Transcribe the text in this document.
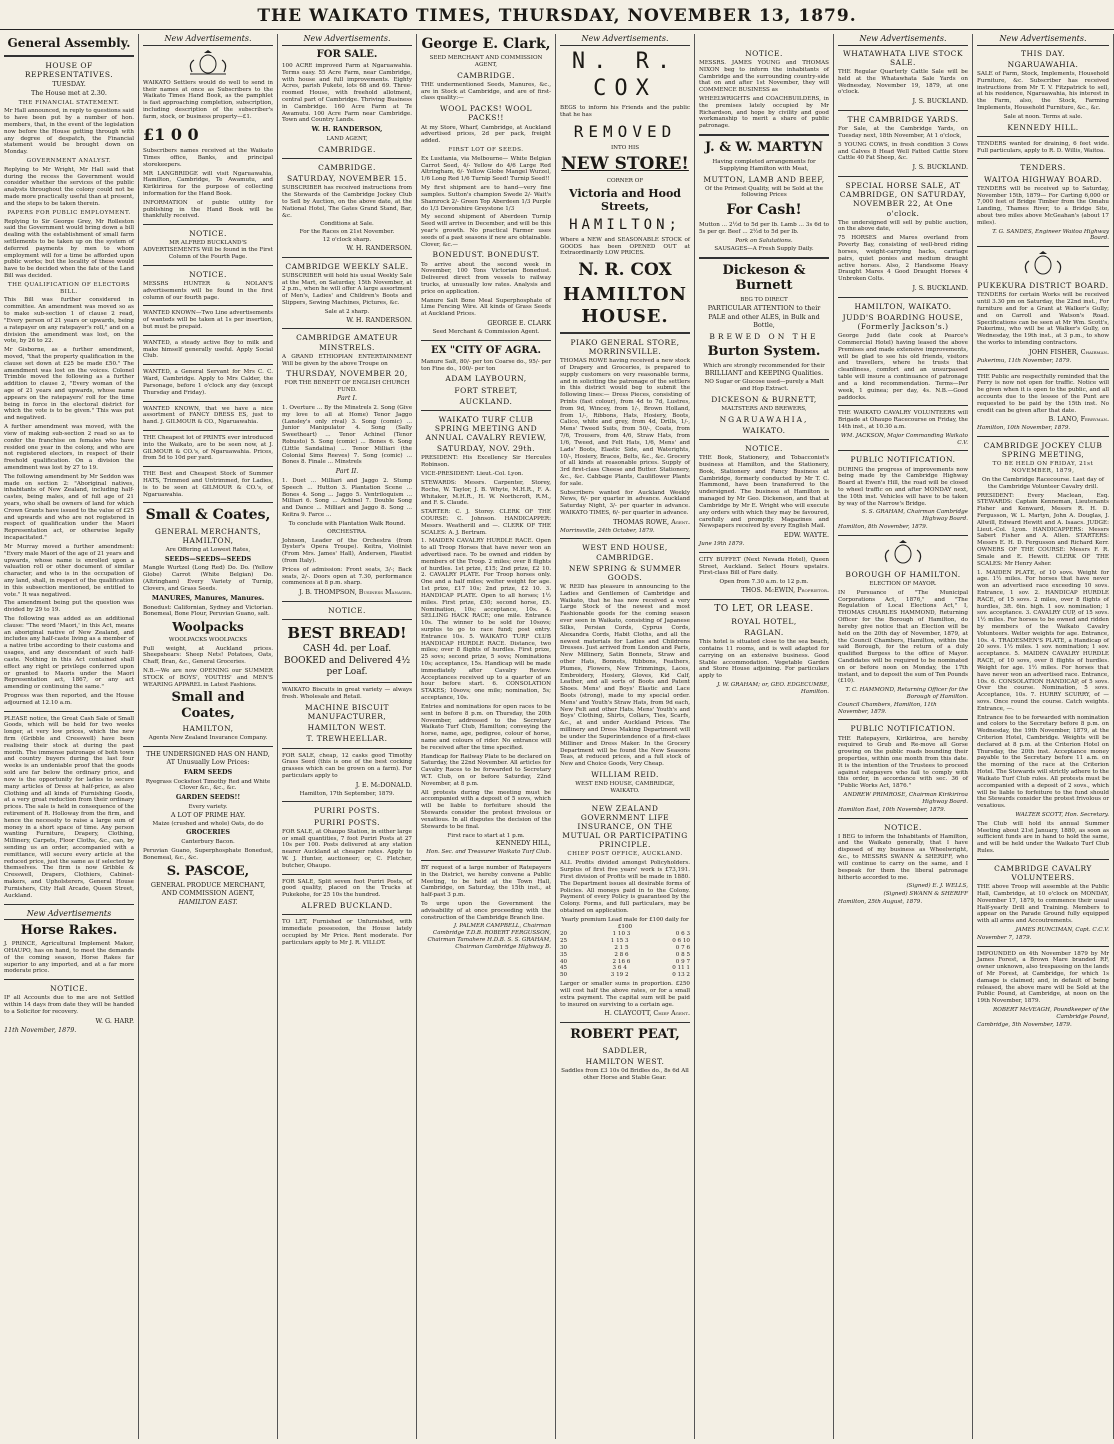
THE WAIKATO TIMES, THURSDAY, NOVEMBER 13, 1879.
General Assembly.
HOUSE OF REPRESENTATIVES.
TUESDAY.
The House met at 2.30.
THE FINANCIAL STATEMENT.
Mr Hall announced, in reply to questions said to have been put by a number of hon. members, that, in the event of the legislation now before the House getting through with any degree of despatch, the Financial statement would be brought down on Monday.
GOVERNMENT ANALYST.
Replying to Mr Wright, Mr Hall said that during the recess the Government would consider whether the services of the public analysts throughout the colony could not be made more practically useful than at present, and the steps to be taken therein.
PAPERS FOR PUBLIC EMPLOYMENT.
Replying to Sir George Grey, Mr Rolleston said the Government would bring down a bill dealing with the establishment of small farm settlements to be taken up on the system of deferred payments by men to whom employment will for a time be afforded upon public works; but the locality of these would have to be decided when the fate of the Land Bill was decided.
THE QUALIFICATION OF ELECTORS BILL.
This Bill was further considered in committee. An amendment was moved so as to make sub-section 1 of clause 2 read, "Every person of 21 years or upwards, being a ratepayer on any ratepayer's roll," and on a division the amendment was lost, on the vote, by 26 to 22.
Mr Gisborne, as a further amendment, moved, "that the property qualification in the clause set down at £25 be made £50." The amendment was lost on the voices. Colonel Trimble moved the following as a further addition to clause 2, "Every woman of the age of 21 years and upwards, whose name appears on the ratepayers' roll for the time being in force in the electoral district for which the vote is to be given." This was put and negatived.
A further amendment was moved, with the view of making sub-section 2 read so as to confer the franchise on females who have resided one year in the colony, and who are not registered electors, in respect of their freehold qualification. On a division the amendment was lost by 27 to 19.
The following amendment by Mr Seddon was made on section 2: "Aboriginal natives, inhabitants of New Zealand, including half-castes, being males, and of full age of 21 years, who shall be owners of land for which Crown Grants have issued to the value of £25 and upwards and who are not registered in respect of qualification under the Maori Representation act, or otherwise legally incapacitated."
Mr Murray moved a further amendment: "Every male Maori of the age of 21 years and upwards, whose name is enrolled upon a valuation roll or other document of similar character, and who is in the occupation of any land, shall, in respect of the qualification in this subsection mentioned, be entitled to vote." It was negatived.
The amendment being put the question was divided by 29 to 19.
The following was added as an additional clause: "The word 'Maori,' in this Act, means an aboriginal native of New Zealand, and includes any half-caste living as a member of a native tribe according to their customs and usages, and any descendant of such half-caste. Nothing in this Act contained shall effect any right or privilege conferred upon or granted to Maoris under the Maori Representation act, 1867, or any act amending or continuing the same."
Progress was then reported, and the House adjourned at 12.10 a.m.
PLEASE notice, the Great Cash Sale of Small Goods, which will be held for two weeks longer, at very low prices, which the new firm (Gribble and Cresswell) have been realising their stock at during the past month. The immense patronage of both town and country buyers during the last four weeks is an undeniable proof that the goods sold are far below the ordinary price, and now is the opportunity for ladies to secure many articles of Dress at half-price, as also Clothing and all kinds of Furnishing Goods, at a very great reduction from their ordinary prices. The sale is held in consequence of the retirement of R. Holloway from the firm, and hence the necessity to raise a large sum of money in a short space of time. Any person wanting Furniture, Drapery, Clothing, Millinery, Carpets, Floor Cloths, &c., can, by sending us an order, accompanied with a remittance, will secure every article at the reduced price, just the same as if selected by themselves. The firm is now Gribble & Cresswell, Drapers, Clothiers, Cabinet-makers, and Upholsterers, General House Furnishers, City Hall Arcade, Queen Street, Auckland.
New Advertisements
Horse Rakes.
J. PRINCE, Agricultural Implement Maker, OHAUPO, has on hand, to meet the demands of the coming season, Horse Rakes far superior to any imported, and at a far more moderate price.
NOTICE.
IF all Accounts due to me are not Settled within 14 days from date they will be handed to a Solicitor for recovery.
W. G. HARP.
11th November, 1879.
New Advertisements.
WAIKATO Settlers would do well to send in their names at once as Subscribers to the Waikato Times Hand Book, as the pamphlet is fast approaching completion, subscription, including description of the subscriber's farm, stock, or business property—£1.
£1 0 0
Subscribers names received at the Waikato Times office, Banks, and principal storekeepers.
MR LANGBRIDGE will visit Ngaruawahia, Hamilton, Cambridge, Te Awamutu, and Kirikiriroa for the purpose of collecting information for the Hand Book.
INFORMATION of public utility for publishing in the Hand Book will be thankfully received.
NOTICE.
MR ALFRED BUCKLAND'S ADVERTISEMENTS Will be found in the First Column of the Fourth Page.
NOTICE.
MESSRS HUNTER & NOLAN'S advertisements will be found in the first column of our fourth page.
WANTED KNOWN—Two Line advertisements of wanteds will be taken at 1s per insertion, but must be prepaid.
WANTED, a steady active Boy to milk and make himself generally useful. Apply Social Club.
WANTED, a General Servant for Mrs C. C. Ward, Cambridge. Apply to Mrs Calder, the Parsonage, before 1 o'clock any day (except Thursday and Friday).
WANTED KNOWN, that we have a nice assortment of FANCY DRESS ES, just to hand. J. GILMOUR & CO., Ngaruawahia.
THE Cheapest lot of PRINTS ever introduced into the Waikato, are to be seen now, at J. GILMOUR & CO.'s, of Ngaruawahia. Prices, from 5d to 10d per yard.
THE Best and Cheapest Stock of Summer HATS, Trimmed and Untrimmed, for Ladies, is to be seen at GILMOUR & CO.'s, of Ngaruawahia.
Small & Coates,
GENERAL MERCHANTS, HAMILTON,
Are Offering at Lowest Rates,
SEEDS—SEEDS—SEEDS
Mangle Wurtzel (Long Red) Do. Do. (Yellow Globe) Carrot (White Belgian) Do. (Altringham) Every Variety of Turnip, Clovers, and Grass Seeds.
MANURES, Manures, Manures.
Bonedust: Californian, Sydney and Victorian. Bonemeal, Bone Flour, Peruvian Guano, salt.
Woolpacks
WOOLPACKS WOOLPACKS
Full weight, at Auckland prices. Sheepshears: Sheep Nets! Potatoes, Oats, Chaff, Bran, &c., General Groceries.
N.B.—We are now OPENING our SUMMER STOCK of BOYS', YOUTHS' and MEN'S WEARING APPAREL in Latest Fashions.
Small and Coates,
HAMILTON,
Agents New Zealand Insurance Company.
THE UNDERSIGNED HAS ON HAND, AT Unusually Low Prices:
FARM SEEDS
Ryegrass Cocksfoot Timothy Red and White Clover &c., &c., &c.
GARDEN SEEDS!!
Every variety.
A LOT OF PRIME HAY.
Maize (crushed and whole) Oats, do do
GROCERIES
Canterbury Bacon.
Peruvian Guano, Superphosphate Bonedust, Bonemeal, &c., &c.
S. PASCOE,
GENERAL PRODUCE MERCHANT,
AND COMMISSION AGENT,
HAMILTON EAST.
New Advertisements.
FOR SALE.
100 ACRE improved Farm at Ngaruawahia. Terms easy. 55 Acre Farm, near Cambridge, with house and full improvements. Eighty Acres, parish Pukete, lots 68 and 69. Three-roomed House, with freehold allotment, central part of Cambridge. Thriving Business in Cambridge. 160 Acre Farm at Te Awamutu. 100 Acre Farm near Cambridge. Town and Country Lands.
W. H. RANDERSON,
LAND AGENT,
CAMBRIDGE.
CAMBRIDGE.
SATURDAY, NOVEMBER 15.
SUBSCRIBER has received instructions from the Stewards of the Cambridge Jockey Club to Sell by Auction, on the above date, at the National Hotel, The Gates Grand Stand, Bar, &c.
Conditions at Sale.
For the Races on 21st November.
12 o'clock sharp.
W. H. RANDERSON.
CAMBRIDGE WEEKLY SALE.
SUBSCRIBER will hold his usual Weekly Sale at the Mart, on Saturday, 15th November, at 2 p.m., when he will offer A large assortment of Men's, Ladies' and Children's Boots and Slippers, Sewing Machines, Pictures, &c.
Sale at 2 sharp.
W. H. RANDERSON.
CAMBRIDGE AMATEUR MINSTRELS.
A GRAND ETHIOPIAN ENTERTAINMENT Will be given by the above Troupe on
THURSDAY, NOVEMBER 20,
FOR THE BENEFIT OF ENGLISH CHURCH FUND.
Part I.
1. Overture ... By the Minstrels 2. Song (Give my love to all at Home) Tenor Jaggo (Lansley's only rival) 3. Song (comic) ... Junior Manipulator 4. Song (Sally Sweetheart) ... Tenor Achinel (Tenor Robusto) 5. Song (comic) ... Bones 6. Song (Little Sandalina) ... Tenor Milliari (the Colonial Sims Reeves) 7. Song (comic) ... Bones 8. Finale ... Minstrels
Part II.
1. Duet ... Milliari and Jaggo 2. Stump Speech ... Hutton 3. Plantation Scene ... Bones 4. Song ... Jaggo 5. Ventriloquism ... Milliari 6. Song ... Achinel 7. Double Song and Dance ... Milliari and Jaggo 8. Song ... Keitra 9. Farce ...
To conclude with Plantation Walk Round.
ORCHESTRA.
Johnson, Leader of the Orchestra (from Dyster's Opera Troupe). Keitra, Violinist (From Mrs. James' Hall), Andersen, Flautist (from Italy).
Prices of admission: Front seats, 3/-; Back seats, 2/-. Doors open at 7.30, performance commences at 8 p.m. sharp.
J. B. THOMPSON, Business Manager.
NOTICE.
BEST BREAD!
CASH 4d. per Loaf.
BOOKED and Delivered 4½ per Loaf.
WAIKATO Biscuits in great variety — always fresh. Wholesale and Retail.
MACHINE BISCUIT MANUFACTURER,
HAMILTON WEST.
T. TREWHEELLAR.
FOR SALE, cheap, 12 casks good Timothy Grass Seed (this is one of the best cocking grasses which can be grown on a farm). For particulars apply to
J. E. McDONALD.
Hamilton, 17th September, 1879.
PURIRI POSTS.
PURIRI POSTS.
FOR SALE, at Ohaupo Station, in either large or small quantities, 7 foot Puriri Posts at 27 10s per 100. Posts delivered at any station nearer Auckland at cheaper rates. Apply to W. J. Hunter, auctioneer; or, C. Fletcher, butcher, Ohaupo.
FOR SALE, Split seven foot Puriri Posts, of good quality, placed on the Trucks at Pukekohe, for 25 10s the hundred.
ALFRED BUCKLAND.
TO LET, Furnished or Unfurnished, with immediate possession, the House lately occupied by Mr Price. Rent moderate. For particulars apply to Mr J. R. VILLOT.
George E. Clark,
SEED MERCHANT AND COMMISSION AGENT,
CAMBRIDGE.
THE undermentioned Seeds, Manures, &c., are in Stock at Cambridge, and are of first-class quality:—
WOOL PACKS! WOOL PACKS!!
At my Store, Wharf, Cambridge, at Auckland advertised prices, 2d per pack, freight added.
FIRST LOT OF SEEDS.
Ex Lusitania, via Melbourne— White Belgian Carrot Seed, 4/- Yellow do 4/6 Large Red Altringham, 6/- Yellow Globe Mangel Wurzel, 1/6 Long Red 1/6 Turnip Seed! Turnip Seed!!
My first shipment are to hand—very fine samples. Sutton's champion Swede 2/- Wait's Shamrock 2/- Green Top Aberdeen 1/3 Purple do 1/3 Devonshire Greystone 1/3
My second shipment of Aberdeen Turnip Seed will arrive in December, and will be this year's growth. No practical Farmer uses seeds of a past seasons if new are obtainable. Clover, &c.—
BONEDUST. BONEDUST.
To arrive about the second week in November, 100 Tons Victorian Bonedust. Delivered direct from vessels to railway trucks, at unusually low rates. Analysis and price on application.
Manure Salt Bone Meal Superphosphate of Lime Fencing Wire. All kinds of Grass Seeds at Auckland Prices.
GEORGE E. CLARK
Seed Merchant & Commission Agent.
EX "CITY OF AGRA.
Manure Salt, 80/- per ton Coarse do., 95/- per ton Fine do., 100/- per ton
ADAM LAYBOURN,
FORT STREET,
AUCKLAND.
WAIKATO TURF CLUB SPRING MEETING AND ANNUAL CAVALRY REVIEW,
SATURDAY, NOV. 29th.
PRESIDENT: His Excellency Sir Hercules Robinson.
VICE-PRESIDENT: Lieut.-Col. Lyon.
STEWARDS: Messrs. Carpenter, Storey, Roche, W. Taylor, J. B. Whyte, M.H.R., F. A. Whitaker, M.H.R., H. W. Northcroft, R.M., and F. S. Claude.
STARTER: C. J. Storey. CLERK OF THE COURSE: C. Johnson. HANDICAPPER: Messrs. Weatherill and —. CLERK OF THE SCALES: A. J. Bertram.
1. MAIDEN CAVALRY HURDLE RACE. Open to all Troop Horses that have never won an advertised race. To be owned and ridden by members of the Troop. 2 miles; over 8 flights of hurdles. 1st prize, £15; 2nd prize, £2 10. 2. CAVALRY PLATE. For Troop horses only. One and a half miles; welter weight for age. 1st prize, £17 10s; 2nd prize, £2 10. 3. HANDICAP PLATE. Open to all horses; 1½ miles. First prize, £30; second horse, £5. Nomination, 10s; acceptance, 10s. 4. SELLING HACK RACE; one mile. Entrance 10s. The winner to be sold for 10sovs; surplus to go to race fund; post entry. Entrance 10s. 5. WAIKATO TURF CLUB HANDICAP HURDLE RACE. Distance, two miles; over 8 flights of hurdles. First prize, 25 sovs; second prize, 5 sovs; Nominations 10s; acceptance, 15s. Handicap will be made immediately after Cavalry Review. Acceptances received up to a quarter of an hour before start. 6. CONSOLATION STAKES; 10sovs; one mile; nomination, 5s; acceptance, 10s.
Entries and nominations for open races to be sent in before 8 p.m. on Thursday, the 20th November, addressed to the Secretary Waikato Turf Club, Hamilton; conveying the horse, name, age, pedigree, colour of horse, name and colours of rider. No entrance will be received after the time specified.
Handicap for Railway Plate to be declared on Saturday, the 22nd November. All articles for Cavalry Races to be forwarded to Secretary W.T. Club, on or before Saturday, 22nd November, at 8 p.m.
All protests during the meeting must be accompanied with a deposit of 5 sovs, which will be liable to forfeiture should the Stewards consider the protest frivolous or vexatious. In all disputes the decision of the Stewards to be final.
First race to start at 1 p.m.
KENNEDY HILL,
Hon. Sec. and Treasurer Waikato Turf Club.
BY request of a large number of Ratepayers in the District, we hereby convene a Public Meeting, to be held at the Town Hall, Cambridge, on Saturday, the 15th inst., at half-past 3 p.m.
To urge upon the Government the advisability of at once proceeding with the construction of the Cambridge Branch line.
J. PALMER CAMPBELL, Chairman Cambridge T.D.B. ROBERT FERGUSSON, Chairman Tamahere H.D.B. S. S. GRAHAM, Chairman Cambridge Highway B.
New Advertisements.
N. R. COX
BEGS to inform his Friends and the public that he has
REMOVED
INTO HIS
NEW STORE!
CORNER OF
Victoria and Hood Streets,
HAMILTON;
Where a NEW and SEASONABLE STOCK of GOODS has been OPENED OUT at Extraordinarily LOW PRICES.
N. R. COX
HAMILTON HOUSE.
PIAKO GENERAL STORE, MORRINSVILLE.
THOMAS ROWE having received a new stock of Drapery and Groceries, is prepared to supply customers on very reasonable terms, and in soliciting the patronage of the settlers in this district would beg to submit the following lines:— Dress Pieces, consisting of Prints (fast colour), from 4d to 7d, Lustres, from 9d, Wincey, from 1/-, Brown Holland, from 1/-, Ribbons, Hats, Hosiery, Boots, Calico, white and grey, from 4d, Drills, 1/-, Mens' Tweed Suits, from 50/-, Coats, from 7/6, Trousers, from 4/6, Straw Hats, from 1/6, Tweed, and Felt Hats, 1/6, Mens' and Lads' Boots, Elastic Side, and Waterights, 10/-, Hosiery, Braces, Belts, &c., &c. Grocery of all kinds at reasonable prices. Supply of 3rd first-class Cheese and Butter. Stationery, &c., &c. Cabbage Plants, Cauliflower Plants for sale.
Subscribers wanted for Auckland Weekly News, 6/- per quarter in advance. Auckland Saturday Night, 3/- per quarter in advance. WAIKATO TIMES, 6/- per quarter in advance.
THOMAS ROWE, Agent.
Morrinsville, 24th October, 1879.
WEST END HOUSE, CAMBRIDGE.
NEW SPRING & SUMMER GOODS.
W. REID has pleasure in announcing to the Ladies and Gentlemen of Cambridge and Waikato, that he has now received a very Large Stock of the newest and most Fashionable goods for the coming season ever seen in Waikato, consisting of Japanese Silks, Persian Cords, Cyprus Cords, Alexandra Cords, Habit Cloths, and all the newest materials for Ladies and Childrens Dresses. Just arrived from London and Paris, New Millinery, Satin Bonnets, Straw and other Hats, Bonnets, Ribbons, Feathers, Plumes, Flowers, New Trimmings, Laces, Embroidery, Hosiery, Gloves, Kid Calf, Leather, and all sorts of Boots and Patent Shoes. Mens' and Boys' Elastic and Lace Boots (strong), made to my special order. Mens' and Youth's Straw Hats, from 9d each, New Felt and other Hats. Mens' Youth's and Boys' Clothing, Shirts, Collars, Ties, Scarfs, &c., at and under Auckland Prices. The millinery and Dress Making Department will be under the Superintendence of a first-class Milliner and Dress Maker. In the Grocery Department will be found the New Seasons Teas, at reduced prices, and a full stock of New and Choice Goods, Very Cheap.
WILLIAM REID.
WEST END HOUSE, CAMBRIDGE, WAIKATO.
NEW ZEALAND GOVERNMENT LIFE INSURANCE, ON THE MUTUAL OR PARTICIPATING PRINCIPLE.
CHIEF POST OFFICE, AUCKLAND.
ALL Profits divided amongst Policyholders. Surplus of first five years' work is £73,191. First division of Profits will be made in 1880. The Department issues all desirable forms of Policies. All moneys paid in to the Colony. Payment of every Policy is guaranteed by the Colony. Forms, and full particulars, may be obtained on application.
Yearly premium Lead male for £100 daily for £100
20	1 10 3	0 6 3
25	1 15 3	0 6 10
30	2 1 5	0 7 6
35	2 8 6	0 8 5
40	2 16 6	0 9 7
45	3 6 4	0 11 1
50	3 19 2	0 13 2
Larger or smaller sums in proportion. £250 will cost half the above rates, or for a small extra payment. The capital sum will be paid to insured on surviving to a certain age.
H. CLAYCOTT, Chief Agent.
ROBERT PEAT,
SADDLER,
HAMILTON WEST.
Saddles from £3 10s 0d Bridles do., 8s 6d All other Horse and Stable Gear.
NOTICE.
MESSRS. JAMES YOUNG and THOMAS NIXON beg to inform the inhabitants of Cambridge and the surrounding country-side that on and after 1st November, they will COMMENCE BUSINESS as
WHEELWRIGHTS and COACHBUILDERS, in the premises lately occupied by Mr Richardson, and hope by civility and good workmanship to merit a share of public patronage.
J. & W. MARTYN
Having completed arrangements for Supplying Hamilton with Meat,
MUTTON, LAMB AND BEEF,
Of the Primest Quality, will be Sold at the following Prices
For Cash!
Mutton ... 2½d to 5d per lb. Lamb ... 3s 6d to 5s per qr. Beef ... 2½d to 5d per lb.
Pork on Salutations.
SAUSAGES—A Fresh Supply Daily.
Dickeson & Burnett
BEG TO DIRECT
PARTICULAR ATTENTION to their
PALE and other ALES, in Bulk and Bottle,
BREWED ON THE
Burton System.
Which are strongly recommended for their
BRILLIANT and KEEPING Qualities.
NO Sugar or Glucose used—purely a Malt and Hop Extract.
DICKESON & BURNETT,
MALTSTERS AND BREWERS,
NGARUAWAHIA,
WAIKATO.
NOTICE.
THE Book, Stationery, and Tobacconist's business at Hamilton, and the Stationery, Book, Stationery and Fancy Business at Cambridge, formerly conducted by Mr T. C. Hammond, have been transferred to the undersigned. The business at Hamilton is managed by Mr Geo. Dickenson, and that at Cambridge by Mr E. Wright who will execute any orders with which they may be favoured, carefully and promptly. Magazines and Newspapers received by every English Mail.
EDW. WAYTE.
June 19th 1879.
CITY BUFFET (Next Nevada Hotel), Queen Street, Auckland. Select Hours upstairs. First-class Bill of Fare daily.
Open from 7.30 a.m. to 12 p.m.
THOS. McEWIN, Proprietor.
TO LET, OR LEASE.
ROYAL HOTEL,
RAGLAN.
This hotel is situated close to the sea beach, contains 11 rooms, and is well adapted for carrying on an extensive business. Good Stable accommodation. Vegetable Garden and Store House adjoining. For particulars apply to
J. W. GRAHAM; or, GEO. EDGECUMBE, Hamilton.
New Advertisements.
WHATAWHATA LIVE STOCK SALE.
THE Regular Quarterly Cattle Sale will be held at the Whatawhata Sale Yards on Wednesday, November 19, 1879, at one o'clock.
J. S. BUCKLAND.
THE CAMBRIDGE YARDS.
For Sale, at the Cambridge Yards, on Tuesday next, 18th November, At 1 o'clock,
5 YOUNG COWS, in fresh condition 3 Cows and Calves 8 Head Well Fatted Cattle Store Cattle 40 Fat Sheep, &c.
J. S. BUCKLAND.
SPECIAL HORSE SALE, AT CAMBRIDGE, ON SATURDAY, NOVEMBER 22, At One o'clock.
The undersigned will sell by public auction, on the above date,
75 HORSES and Mares overland from Poverty Bay, consisting of well-bred riding horses, weight-carrying hacks, carriage pairs, quiet ponies and medium draught active horses. Also, 2 Handsome Heavy Draught Mares 4 Good Draught Horses 4 Unbroken Colts.
J. S. BUCKLAND.
HAMILTON, WAIKATO.
JUDD'S BOARDING HOUSE, (Formerly Jackson's.)
George Judd (late cook at Pearce's Commercial Hotel) having leased the above Premises and made extensive improvements, will be glad to see his old friends, visitors and travellers, where he trusts that cleanliness, comfort and an unsurpassed table will insure a continuance of patronage and a kind recommendation. Terms—Per week, 1 guinea; per day, 4s. N.B.—Good paddocks.
THE WAIKATO CAVALRY VOLUNTEERS will Brigade at Ohaupo Racecourse on Friday, the 14th inst., at 10.30 a.m.
WM. JACKSON, Major Commanding Waikato C.V.
PUBLIC NOTIFICATION.
DURING the progress of improvements now being made by the Cambridge Highway Board at Ewen's Hill, the road will be closed to wheel traffic on and after MONDAY next, the 10th inst. Vehicles will have to be taken by way of the Narrow's Bridge.
S. S. GRAHAM, Chairman Cambridge Highway Board.
Hamilton, 8th November, 1879.
BOROUGH OF HAMILTON.
ELECTION OF MAYOR.
IN Pursuance of "The Municipal Corporations Act, 1876," and "The Regulation of Local Elections Act," I, THOMAS CHARLES HAMMOND, Returning Officer for the Borough of Hamilton, do hereby give notice that an Election will be held on the 20th day of November, 1879, at the Council Chambers, Hamilton, within the said Borough, for the return of a duly qualified Burgess to the office of Mayor. Candidates will be required to be nominated on or before noon on Monday, the 17th instant, and to deposit the sum of Ten Pounds (£10).
T. C. HAMMOND, Returning Officer for the Borough of Hamilton.
Council Chambers, Hamilton, 11th November, 1879.
PUBLIC NOTIFICATION.
THE Ratepayers, Kirikiriroa, are hereby required to Grub and Re-move all Gorse growing on the public roads bounding their properties, within one month from this date. It is the intention of the Trustees to proceed against ratepayers who fail to comply with this order, in accordance with sec. 36 of "Public Works Act, 1876."
ANDREW PRIMROSE, Chairman Kirikiriroa Highway Board.
Hamilton East, 10th November, 1879.
NOTICE.
I BEG to inform the Inhabitants of Hamilton, and the Waikato generally, that I have disposed of my business as Wheelwright, &c., to MESSRS SWANN & SHERIFF, who will continue to carry on the same, and I bespeak for them the liberal patronage hitherto accorded to me.
(Signed) E. J. WELLS,
(Signed) SWANN & SHERIFF
Hamilton, 25th August, 1879.
New Advertisements.
THIS DAY.
NGARUAWAHIA.
SALE of Farm, Stock, Implements, Household Furniture, &c. Subscriber has received instructions from Mr T. V. Fitzpatrick to sell, at his residence, Ngaruawahia, his interest in the Farm, also, the Stock, Farming Implements, Household Furniture, &c., &c.
Sale at noon. Terms at sale.
KENNEDY HILL.
TENDERS wanted for draining, 6 feet wide. Full particulars, apply to R. D. Willis, Waitoa.
TENDERS.
WAITOA HIGHWAY BOARD.
TENDERS will be received up to Saturday, November 15th, 1879— For Carting 6,000 or 7,000 feet of Bridge Timber from the Omahu Landing, Thames River, to a Bridge Site, about two miles above McGeahan's (about 17 miles).
T. G. SANDES, Engineer Waitoa Highway Board.
PUKEKURA DISTRICT BOARD.
TENDERS for certain Works will be received until 3.30 pm on Saturday, the 22nd inst., For furniture and for a Grant at Walker's Gully; and on Carroll and Watson's Road. Specifications can be seen at Mr Wm. Scott's, Pukerimu, who will be at Walker's Gully, on Wednesday, the 19th inst., at 3 p.m., to show the works to intending contractors.
JOHN FISHER, Chairman.
Pukerimu, 11th November, 1879.
THE Public are respectfully reminded that the Ferry is now not open for traffic. Notice will be given when it is open to the public, and all accounts due to the lessee of the Punt are requested to be paid by the 15th inst. No credit can be given after that date.
B. LANO, Ferryman.
Hamilton, 10th November, 1879.
CAMBRIDGE JOCKEY CLUB SPRING MEETING,
TO BE HELD ON FRIDAY, 21st NOVEMBER, 1879,
On the Cambridge Racecourse. Last day of the Cambridge Volunteer Cavalry drill.
PRESIDENT: Every Maclean, Esq. STEWARDS: Captain Kenneman, Lieutenants Fisher and Kenward, Messrs R. H. D. Fergusson, W. L. Martyn, John A. Douglas, J. Allwill, Edward Hewitt and A. Isaacs. JUDGE: Lieut.-Col. Lyon. HANDICAPPERS: Messrs Sabert Fisher and A. Allen. STARTERS: Messrs E. H. D. Fergusson and Richard Kerr. OWNERS OF THE COURSE: Messrs F. R. Smale and E. Hewitt. CLERK OF THE SCALES: Mr Henry Asher.
1. MAIDEN PLATE, of 10 sovs. Weight for age. 1½ miles. For horses that have never won an advertised race exceeding 10 sovs. Entrance, 1 sov. 2. HANDICAP HURDLE RACE, of 15 sovs. 2 miles, over 8 flights of hurdles, 3ft. 6in. high. 1 sov. nomination; 1 sov. acceptance. 3. CAVALRY CUP, of 15 sovs. 1½ miles. For horses to be owned and ridden by members of the Waikato Cavalry Volunteers. Welter weights for age. Entrance, 10s. 4. TRADESMEN'S PLATE, a Handicap of 20 sovs. 1½ miles. 1 sov. nomination; 1 sov. acceptance. 5. MAIDEN CAVALRY HURDLE RACE, of 10 sovs, over 8 flights of hurdles. Weight for age. 1½ miles. For horses that have never won an advertised race. Entrance, 10s. 6. CONSOLATION HANDICAP, of 5 sovs. Over the course. Nomination, 5 sovs. Acceptance, 10s. 7. HURRY SCURRY, of — sovs. Once round the course. Catch weights. Entrance, —.
Entrance fee to be forwarded with nomination and colors to the Secretary before 8 p.m. on Wednesday, the 19th November, 1879, at the Criterion Hotel, Cambridge. Weights will be declared at 8 p.m. at the Criterion Hotel on Thursday, the 20th inst. Acceptance money payable to the Secretary before 11 a.m. on the morning of the race at the Criterion Hotel. The Stewards will strictly adhere to the Waikato Turf Club rules. All protests must be accompanied with a deposit of 2 sovs., which will be liable to forfeiture to the fund should the Stewards consider the protest frivolous or vexatious.
WALTER SCOTT, Hon. Secretary.
The Club will hold its annual Summer Meeting about 21st January, 1880, as soon as sufficient funds are in hand to hold the same, and will be held under the Waikato Turf Club Rules.
CAMBRIDGE CAVALRY VOLUNTEERS.
THE above Troop will assemble at the Public Hall, Cambridge, at 10 o'clock on MONDAY, November 17, 1879, to commence their usual Half-yearly Drill and Training. Members to appear on the Parade Ground fully equipped with all arms and Accoutrements.
JAMES RUNCIMAN, Capt. C.C.V.
November 7, 1879.
IMPOUNDED on 4th November 1879 by Mr James Forest, a Brown Mare branded RF, owner unknown, also trespassing on the lands of Mr Forest, at Cambridge, for which 1s damage is claimed; and, in default of being released, the above mare will be Sold at the Public Pound, at Cambridge, at noon on the 19th November, 1879.
ROBERT McVEAGH, Poundkeeper of the Cambridge Pound,
Cambridge, 5th November, 1879.
